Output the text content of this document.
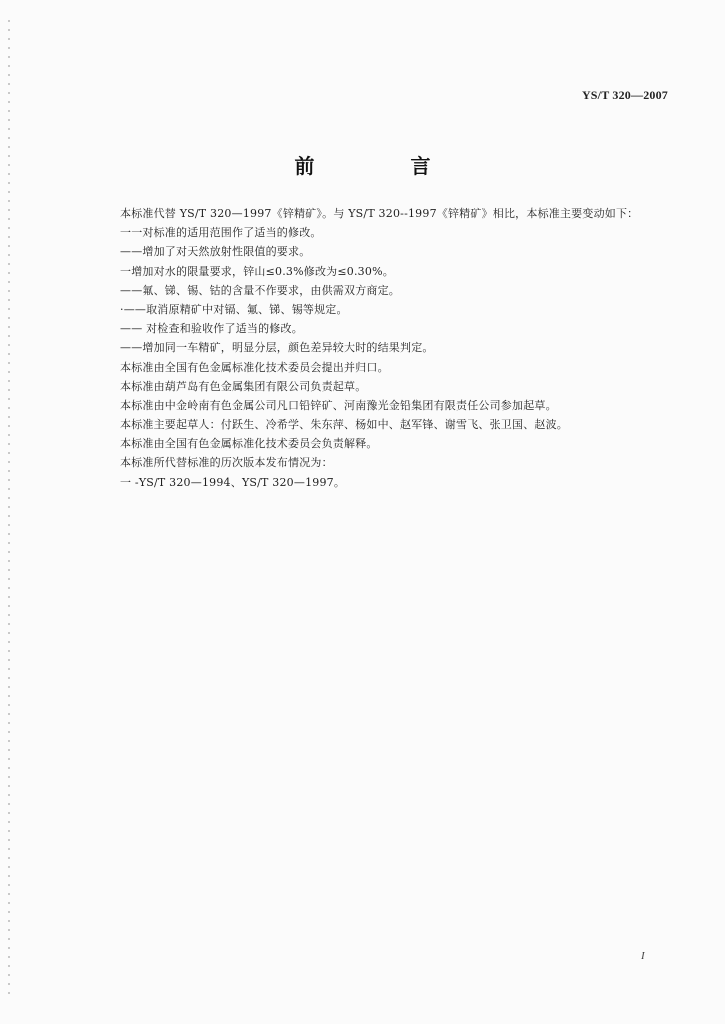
YS/T 320—2007
前　言
本标准代替 YS/T 320—1997《锌精矿》。与 YS/T 320--1997《锌精矿》相比，本标准主要变动如下：
一一对标准的适用范围作了适当的修改。
——增加了对天然放射性限值的要求。
一增加对水的限量要求，锌山≤0.3%修改为≤0.30%。
——氟、锑、锡、钴的含量不作要求，由供需双方商定。
·——取消原精矿中对镉、氟、锑、锡等规定。
—— 对检查和验收作了适当的修改。
——增加同一车精矿，明显分层，颜色差异较大时的结果判定。
本标准由全国有色金属标准化技术委员会提出并归口。
本标准由葫芦岛有色金属集团有限公司负责起草。
本标准由中金岭南有色金属公司凡口铅锌矿、河南豫光金铅集团有限责任公司参加起草。
本标准主要起草人：付跃生、冷希学、朱东萍、杨如中、赵军锋、谢雪飞、张卫国、赵波。
本标准由全国有色金属标准化技术委员会负责解释。
本标准所代替标准的历次版本发布情况为：
一 -YS/T 320—1994、YS/T 320—1997。
I
